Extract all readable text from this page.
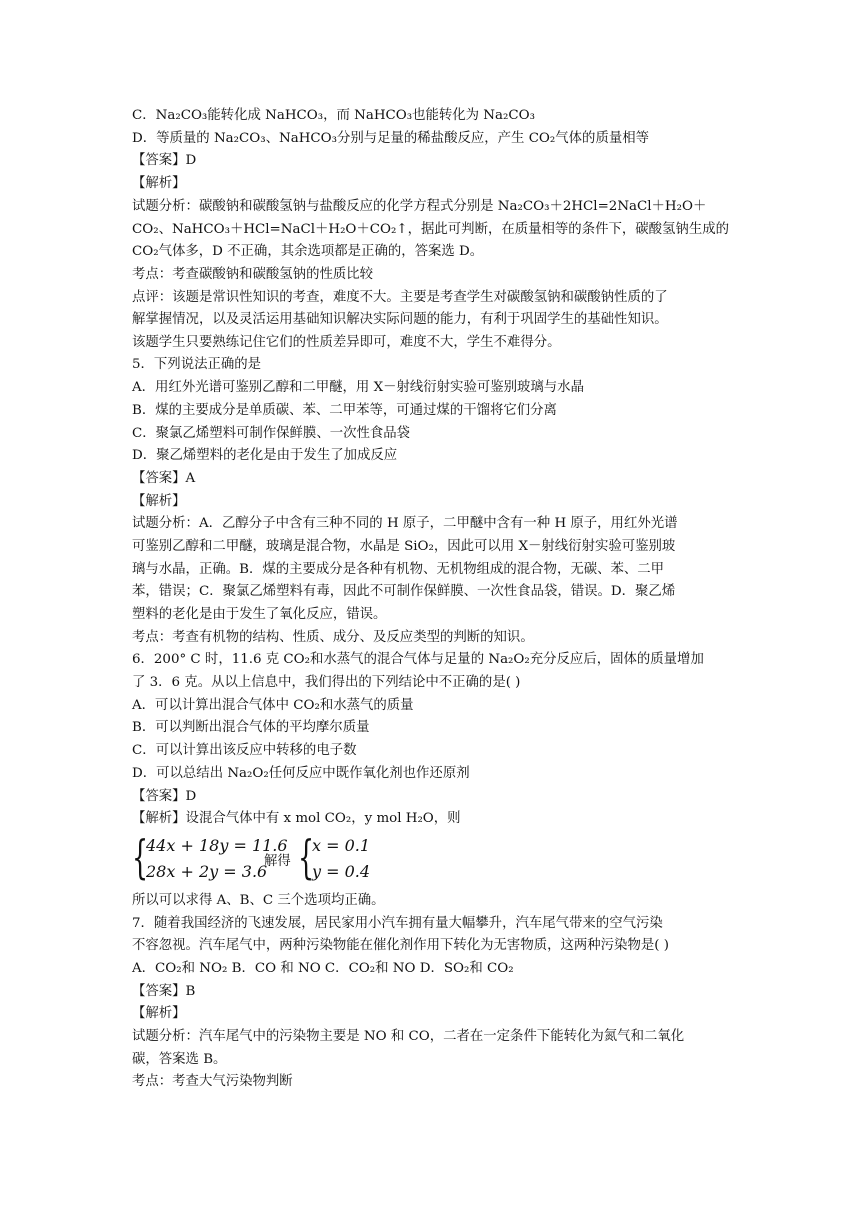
C．Na₂CO₃能转化成 NaHCO₃，而 NaHCO₃也能转化为 Na₂CO₃
D．等质量的 Na₂CO₃、NaHCO₃分别与足量的稀盐酸反应，产生 CO₂气体的质量相等
【答案】D
【解析】
试题分析：碳酸钠和碳酸氢钠与盐酸反应的化学方程式分别是 Na₂CO₃＋2HCl=2NaCl＋H₂O＋
CO₂、NaHCO₃＋HCl=NaCl＋H₂O＋CO₂↑，据此可判断，在质量相等的条件下，碳酸氢钠生成的
CO₂气体多，D 不正确，其余选项都是正确的，答案选 D。
考点：考查碳酸钠和碳酸氢钠的性质比较
点评：该题是常识性知识的考查，难度不大。主要是考查学生对碳酸氢钠和碳酸钠性质的了
解掌握情况，以及灵活运用基础知识解决实际问题的能力，有利于巩固学生的基础性知识。
该题学生只要熟练记住它们的性质差异即可，难度不大，学生不难得分。
5．下列说法正确的是
A．用红外光谱可鉴别乙醇和二甲醚，用 X－射线衍射实验可鉴别玻璃与水晶
B．煤的主要成分是单质碳、苯、二甲苯等，可通过煤的干馏将它们分离
C．聚氯乙烯塑料可制作保鲜膜、一次性食品袋
D．聚乙烯塑料的老化是由于发生了加成反应
【答案】A
【解析】
试题分析：A．乙醇分子中含有三种不同的 H 原子，二甲醚中含有一种 H 原子，用红外光谱
可鉴别乙醇和二甲醚，玻璃是混合物，水晶是 SiO₂，因此可以用 X－射线衍射实验可鉴别玻
璃与水晶，正确。B．煤的主要成分是各种有机物、无机物组成的混合物，无碳、苯、二甲
苯，错误；C．聚氯乙烯塑料有毒，因此不可制作保鲜膜、一次性食品袋，错误。D．聚乙烯
塑料的老化是由于发生了氧化反应，错误。
考点：考查有机物的结构、性质、成分、及反应类型的判断的知识。
6．200° C 时，11.6 克 CO₂和水蒸气的混合气体与足量的 Na₂O₂充分反应后，固体的质量增加
了 3．6 克。从以上信息中，我们得出的下列结论中不正确的是( )
A．可以计算出混合气体中 CO₂和水蒸气的质量
B．可以判断出混合气体的平均摩尔质量
C．可以计算出该反应中转移的电子数
D．可以总结出 Na₂O₂任何反应中既作氧化剂也作还原剂
【答案】D
【解析】设混合气体中有 x mol CO₂，y mol H₂O，则
{
44x + 18y = 11.6
28x + 2y = 3.6
解得 {
x = 0.1
y = 0.4
所以可以求得 A、B、C 三个选项均正确。
7．随着我国经济的飞速发展，居民家用小汽车拥有量大幅攀升，汽车尾气带来的空气污染
不容忽视。汽车尾气中，两种污染物能在催化剂作用下转化为无害物质，这两种污染物是( )
A．CO₂和 NO₂ B．CO 和 NO C．CO₂和 NO D．SO₂和 CO₂
【答案】B
【解析】
试题分析：汽车尾气中的污染物主要是 NO 和 CO，二者在一定条件下能转化为氮气和二氧化
碳，答案选 B。
考点：考查大气污染物判断
